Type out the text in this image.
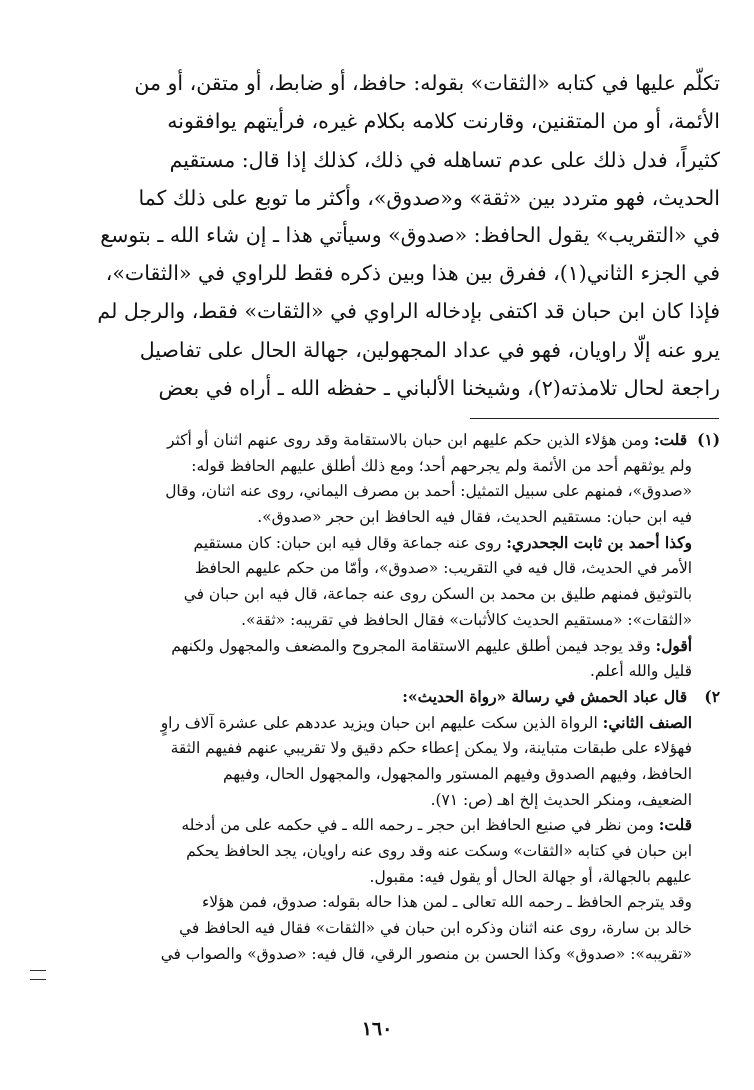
تكلّم عليها في كتابه «الثقات» بقوله: حافظ، أو ضابط، أو متقن، أو من
الأئمة، أو من المتقنين، وقارنت كلامه بكلام غيره، فرأيتهم يوافقونه
كثيراً، فدل ذلك على عدم تساهله في ذلك، كذلك إذا قال: مستقيم
الحديث، فهو متردد بين «ثقة» و«صدوق»، وأكثر ما توبع على ذلك كما
في «التقريب» يقول الحافظ: «صدوق» وسيأتي هذا ـ إن شاء الله ـ بتوسع
في الجزء الثاني(١)، ففرق بين هذا وبين ذكره فقط للراوي في «الثقات»،
فإذا كان ابن حبان قد اكتفى بإدخاله الراوي في «الثقات» فقط، والرجل لم
يرو عنه إلّا راويان، فهو في عداد المجهولين، جهالة الحال على تفاصيل
راجعة لحال تلامذته(٢)، وشيخنا الألباني ـ حفظه الله ـ أراه في بعض
(١) قلت: ومن هؤلاء الذين حكم عليهم ابن حبان بالاستقامة وقد روى عنهم اثنان أو أكثر
ولم يوثقهم أحد من الأئمة ولم يجرحهم أحد؛ ومع ذلك أطلق عليهم الحافظ قوله:
«صدوق»، فمنهم على سبيل التمثيل: أحمد بن مصرف اليماني، روى عنه اثنان، وقال
فيه ابن حبان: مستقيم الحديث، فقال فيه الحافظ ابن حجر «صدوق».
وكذا أحمد بن ثابت الجحدري: روى عنه جماعة وقال فيه ابن حبان: كان مستقيم
الأمر في الحديث، قال فيه في التقريب: «صدوق»، وأمّا من حكم عليهم الحافظ
بالتوثيق فمنهم طليق بن محمد بن السكن روى عنه جماعة، قال فيه ابن حبان في
«الثقات»: «مستقيم الحديث كالأثبات» فقال الحافظ في تقريبه: «ثقة».
أقول: وقد يوجد فيمن أطلق عليهم الاستقامة المجروح والمضعف والمجهول ولكنهم
قليل والله أعلم.
٢) قال عباد الحمش في رسالة «رواة الحديث»:
الصنف الثاني: الرواة الذين سكت عليهم ابن حبان ويزيد عددهم على عشرة آلاف راوٍ
فهؤلاء على طبقات متباينة، ولا يمكن إعطاء حكم دقيق ولا تقريبي عنهم ففيهم الثقة
الحافظ، وفيهم الصدوق وفيهم المستور والمجهول، والمجهول الحال، وفيهم
الضعيف، ومنكر الحديث إلخ اهـ (ص: ٧١).
قلت: ومن نظر في صنيع الحافظ ابن حجر ـ رحمه الله ـ في حكمه على من أدخله
ابن حبان في كتابه «الثقات» وسكت عنه وقد روى عنه راويان، يجد الحافظ يحكم
عليهم بالجهالة، أو جهالة الحال أو يقول فيه: مقبول.
وقد يترجم الحافظ ـ رحمه الله تعالى ـ لمن هذا حاله بقوله: صدوق، فمن هؤلاء
خالد بن سارة، روى عنه اثنان وذكره ابن حبان في «الثقات» فقال فيه الحافظ في
«تقريبه»: «صدوق» وكذا الحسن بن منصور الرقي، قال فيه: «صدوق» والصواب في
١٦٠
